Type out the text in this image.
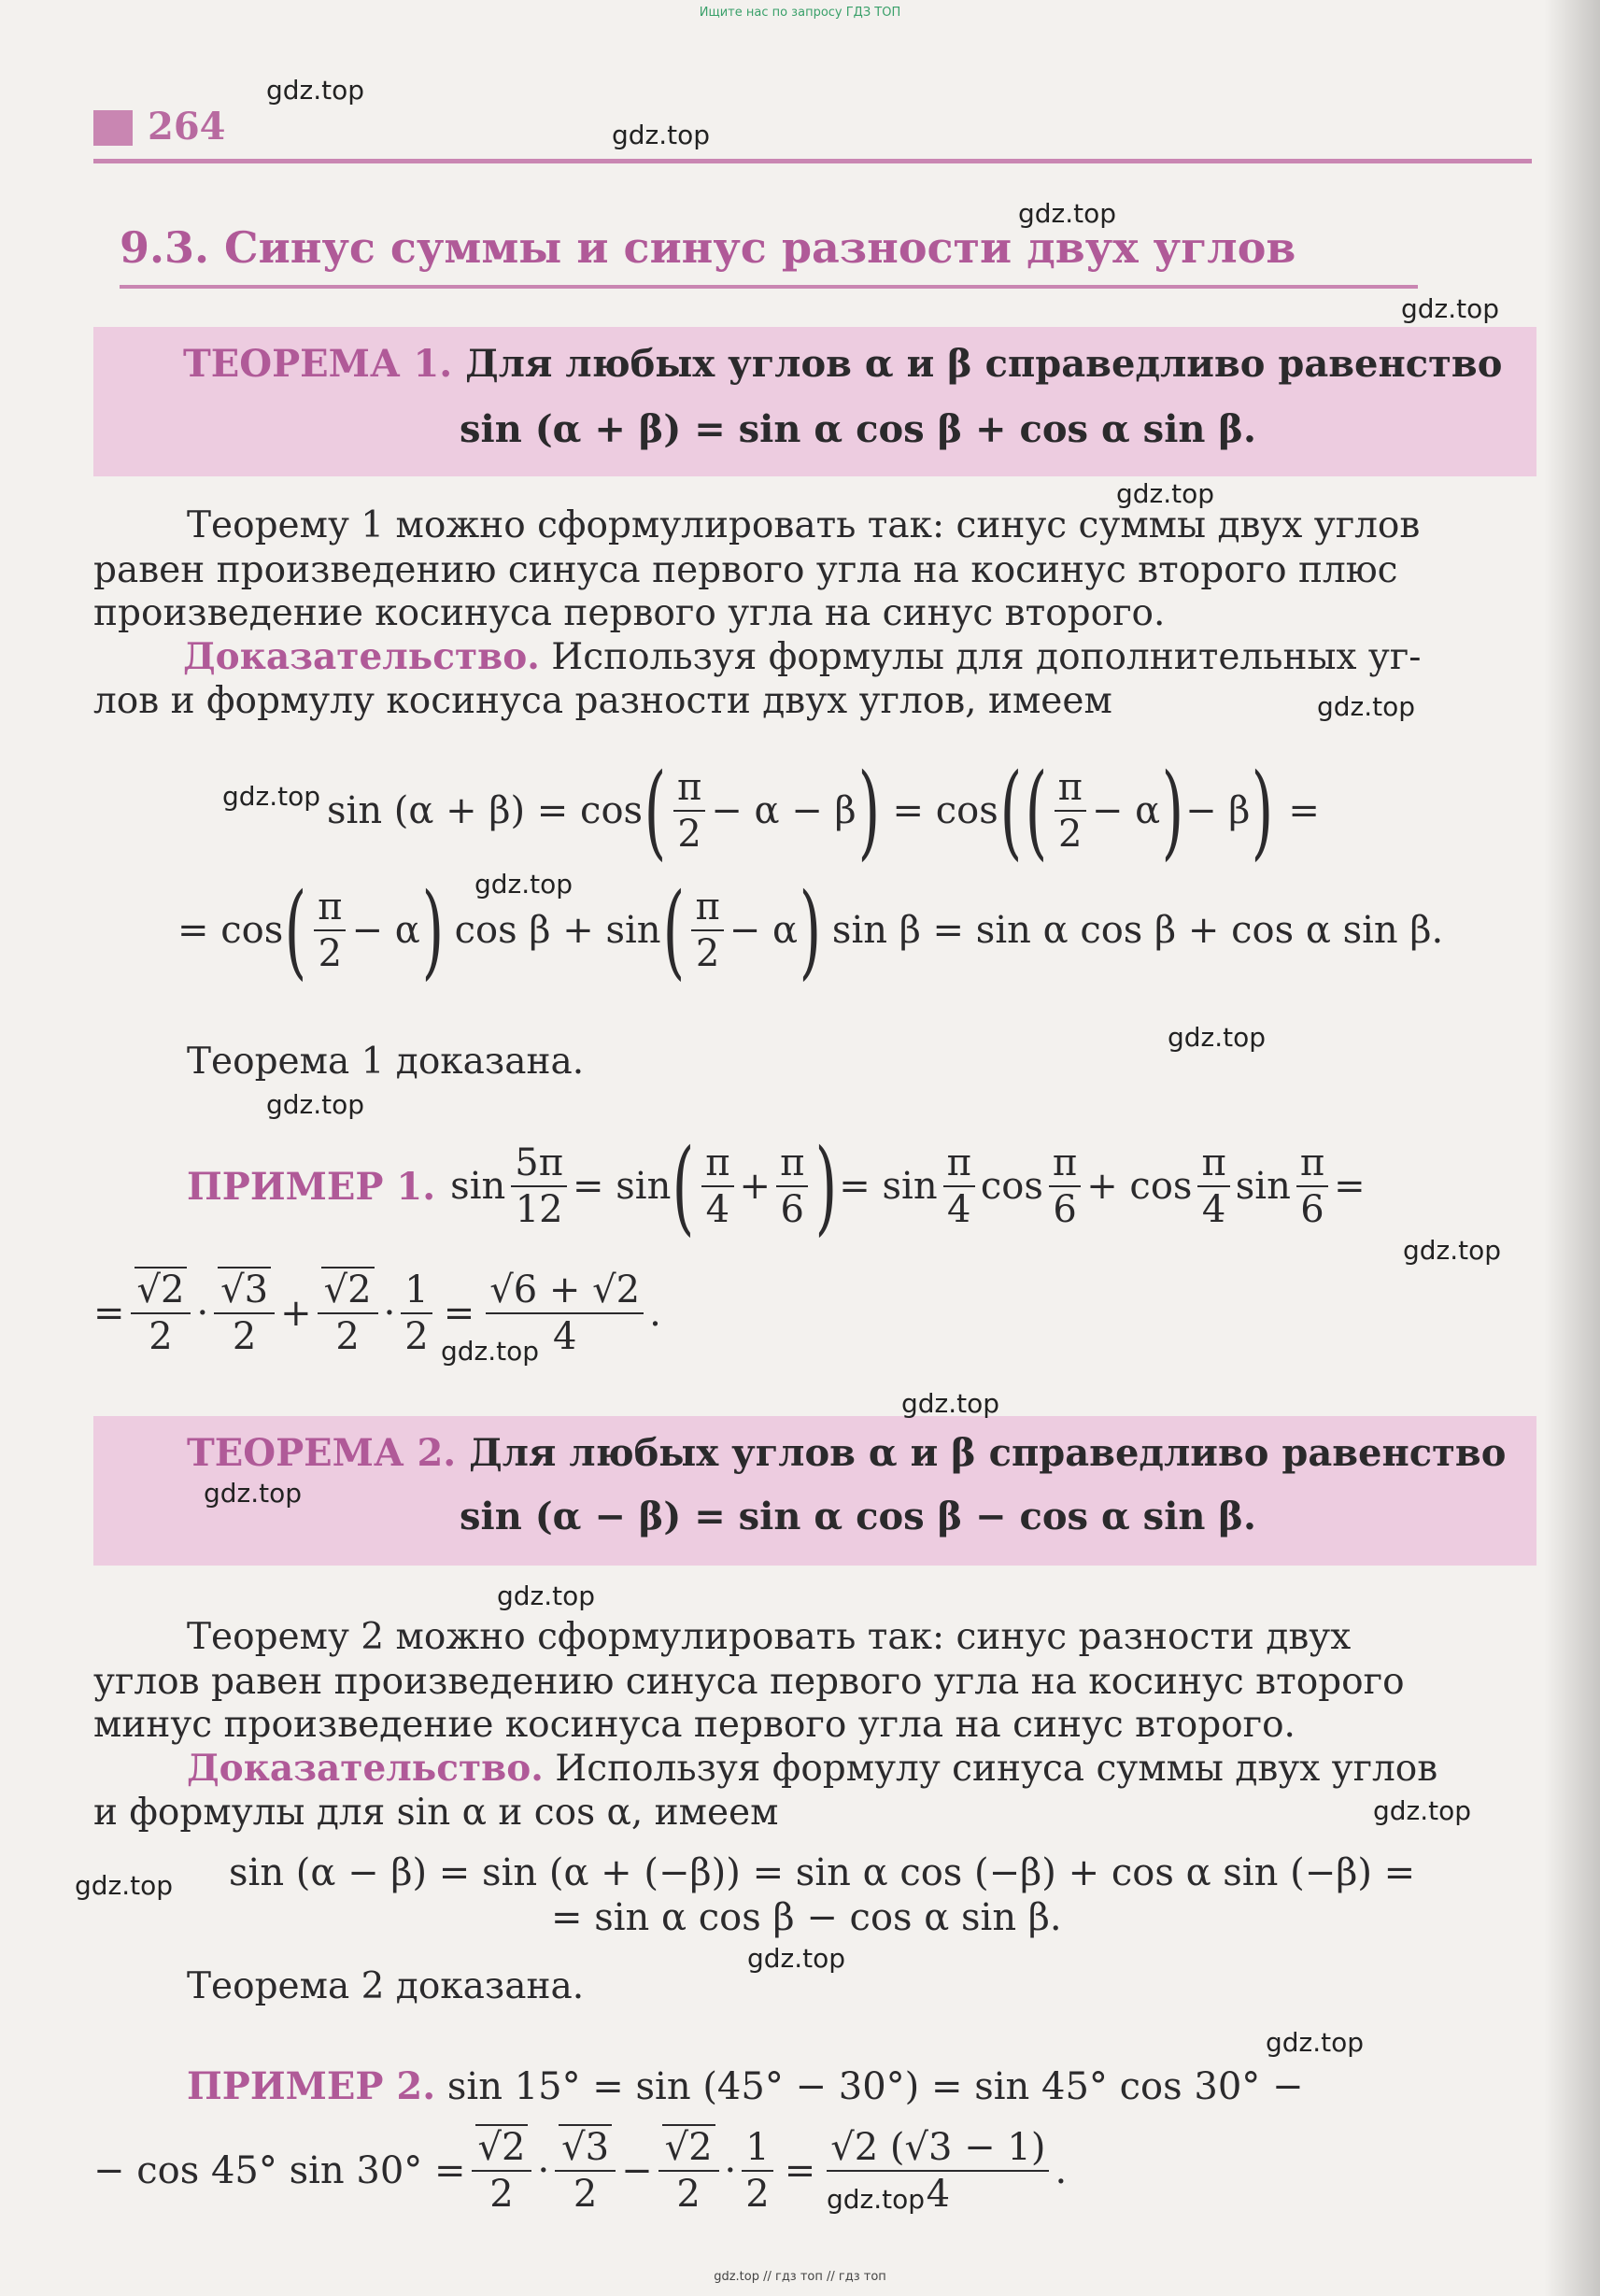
Ищите нас по запросу ГДЗ ТОП
264
9.3. Синус суммы и синус разности двух углов
ТЕОРЕМА 1. Для любых углов α и β справедливо равенство
sin (α + β) = sin α cos β + cos α sin β.
Теорему 1 можно сформулировать так: синус суммы двух углов
равен произведению синуса первого угла на косинус второго плюс
произведение косинуса первого угла на синус второго.
Доказательство. Используя формулы для дополнительных уг-
лов и формулу косинуса разности двух углов, имеем
sin (α + β) = cos ( $\frac{\pi}{2} - \alpha - \beta$ ) = cos ( ( $\frac{\pi}{2} - \alpha$ ) − β ) =
= cos ( $\frac{\pi}{2} - \alpha$ ) cos β + sin ( $\frac{\pi}{2} - \alpha$ ) sin β = sin α cos β + cos α sin β.
Теорема 1 доказана.
ПРИМЕР 1. $\sin \frac{5\pi}{12} = \sin$ ( $\frac{\pi}{4} + \frac{\pi}{6}$ ) = $\sin \frac{\pi}{4}$ $\cos \frac{\pi}{6} + \cos \frac{\pi}{4}$ $\sin \frac{\pi}{6}$ =
= $\frac{√2}{2} \cdot \frac{√3}{2} + \frac{√2}{2} \cdot \frac{1}{2} = \frac{√6 + √2}{4}$ .
ТЕОРЕМА 2. Для любых углов α и β справедливо равенство
sin (α − β) = sin α cos β − cos α sin β.
Теорему 2 можно сформулировать так: синус разности двух
углов равен произведению синуса первого угла на косинус второго
минус произведение косинуса первого угла на синус второго.
Доказательство. Используя формулу синуса суммы двух углов
и формулы для sin α и cos α, имеем
sin (α − β) = sin (α + (−β)) = sin α cos (−β) + cos α sin (−β) =
= sin α cos β − cos α sin β.
Теорема 2 доказана.
ПРИМЕР 2. sin 15° = sin (45° − 30°) = sin 45° cos 30° −
− cos 45° $\sin 30^\circ = \frac{√2}{2} \cdot \frac{√3}{2} - \frac{√2}{2} \cdot \frac{1}{2} = \frac{√2 (√3 - 1)}{4}$ .
gdz.top
gdz.top
gdz.top
gdz.top
gdz.top
gdz.top
gdz.top
gdz.top
gdz.top
gdz.top
gdz.top
gdz.top
gdz.top
gdz.top
gdz.top
gdz.top
gdz.top
gdz.top
gdz.top
gdz.top
gdz.top // гдз топ // гдз топ
